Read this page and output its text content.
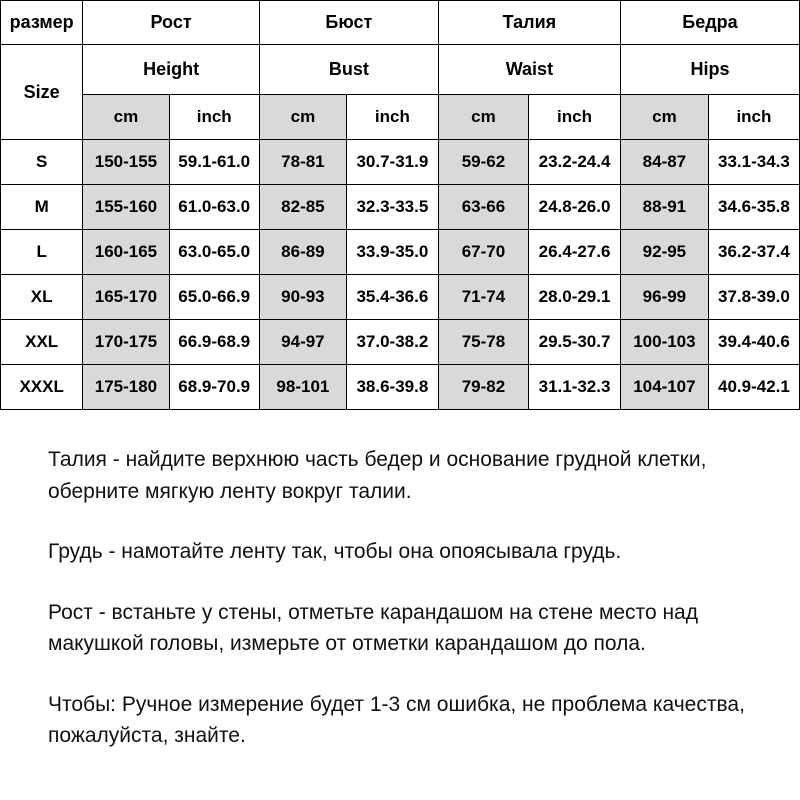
размер	Рост		Бюст		Талия		Бедра	
Size	Height		Bust		Waist		Hips	
	cm	inch	cm	inch	cm	inch	cm	inch
S	150-155	59.1-61.0	78-81	30.7-31.9	59-62	23.2-24.4	84-87	33.1-34.3
M	155-160	61.0-63.0	82-85	32.3-33.5	63-66	24.8-26.0	88-91	34.6-35.8
L	160-165	63.0-65.0	86-89	33.9-35.0	67-70	26.4-27.6	92-95	36.2-37.4
XL	165-170	65.0-66.9	90-93	35.4-36.6	71-74	28.0-29.1	96-99	37.8-39.0
XXL	170-175	66.9-68.9	94-97	37.0-38.2	75-78	29.5-30.7	100-103	39.4-40.6
XXXL	175-180	68.9-70.9	98-101	38.6-39.8	79-82	31.1-32.3	104-107	40.9-42.1

Талия - найдите верхнюю часть бедер и основание грудной клетки, оберните мягкую ленту вокруг талии.

Грудь - намотайте ленту так, чтобы она опоясывала грудь.

Рост - встаньте у стены, отметьте карандашом на стене место над макушкой головы, измерьте от отметки карандашом до пола.

Чтобы: Ручное измерение будет 1-3 см ошибка, не проблема качества, пожалуйста, знайте.
